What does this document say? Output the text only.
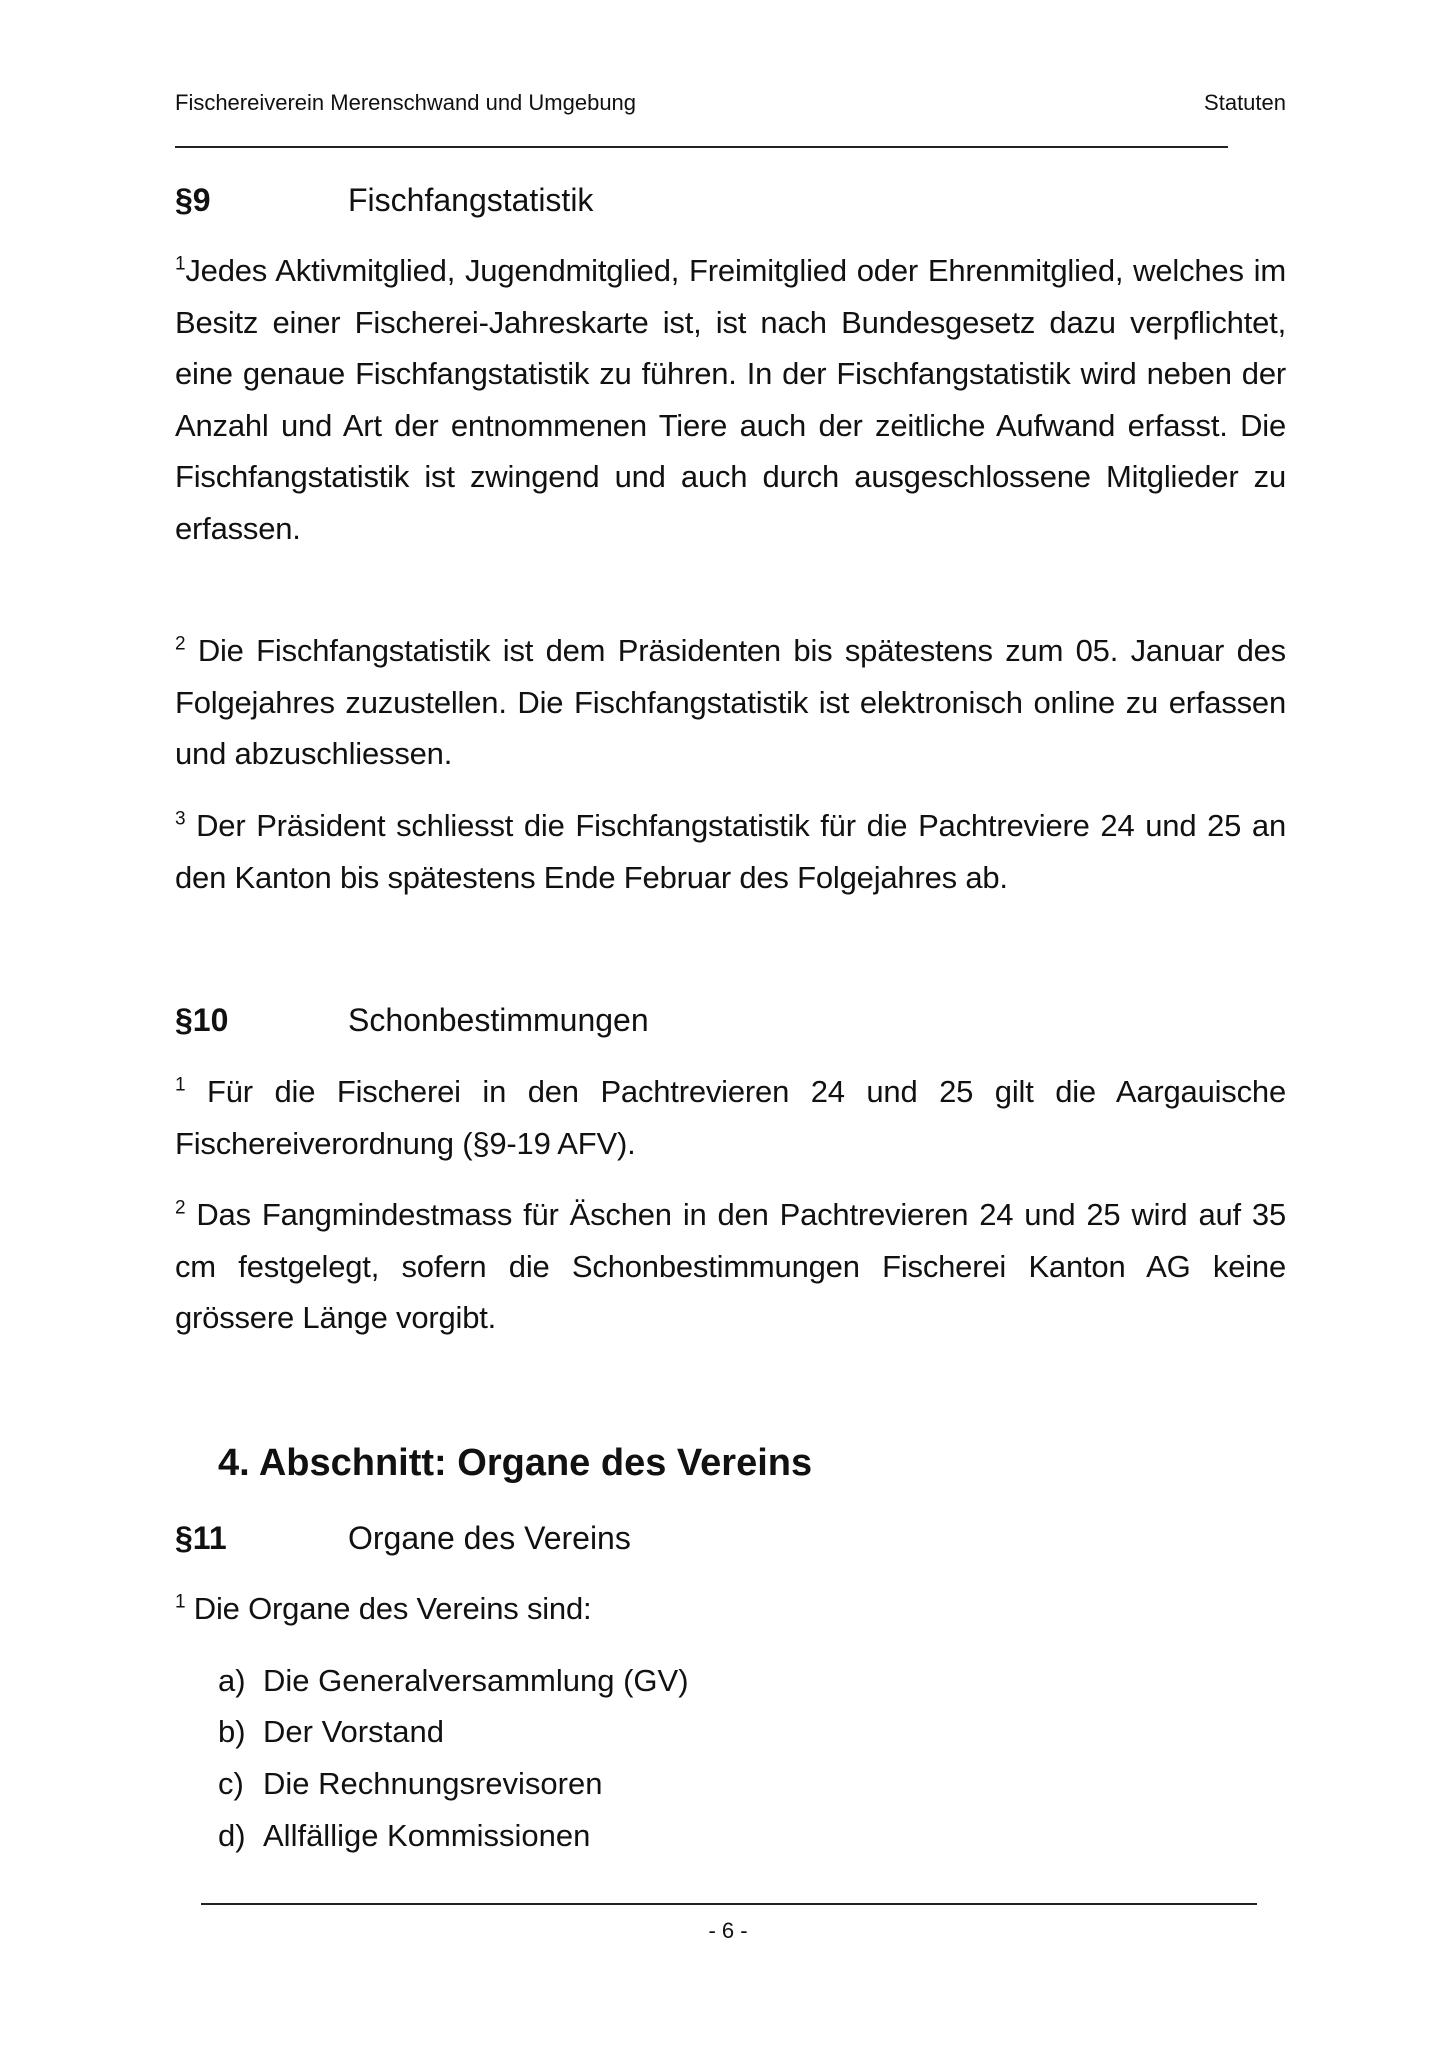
Fischereiverein Merenschwand und Umgebung	Statuten
§9	Fischfangstatistik
$^1$Jedes Aktivmitglied, Jugendmitglied, Freimitglied oder Ehrenmitglied, welches im Besitz einer Fischerei-Jahreskarte ist, ist nach Bundesgesetz dazu verpflichtet, eine genaue Fischfangstatistik zu führen. In der Fischfangstatistik wird neben der Anzahl und Art der entnommenen Tiere auch der zeitliche Aufwand erfasst. Die Fischfangstatistik ist zwingend und auch durch ausgeschlossene Mitglieder zu erfassen.
$^2$ Die Fischfangstatistik ist dem Präsidenten bis spätestens zum 05. Januar des Folgejahres zuzustellen. Die Fischfangstatistik ist elektronisch online zu erfassen und abzuschliessen.
$^3$ Der Präsident schliesst die Fischfangstatistik für die Pachtreviere 24 und 25 an den Kanton bis spätestens Ende Februar des Folgejahres ab.
§10	Schonbestimmungen
$^1$ Für die Fischerei in den Pachtrevieren 24 und 25 gilt die Aargauische Fischereiverordnung (§9-19 AFV).
$^2$ Das Fangmindestmass für Äschen in den Pachtrevieren 24 und 25 wird auf 35 cm festgelegt, sofern die Schonbestimmungen Fischerei Kanton AG keine grössere Länge vorgibt.
4. Abschnitt: Organe des Vereins
§11	Organe des Vereins
$^1$ Die Organe des Vereins sind:
a) Die Generalversammlung (GV)
b) Der Vorstand
c) Die Rechnungsrevisoren
d) Allfällige Kommissionen
- 6 -
